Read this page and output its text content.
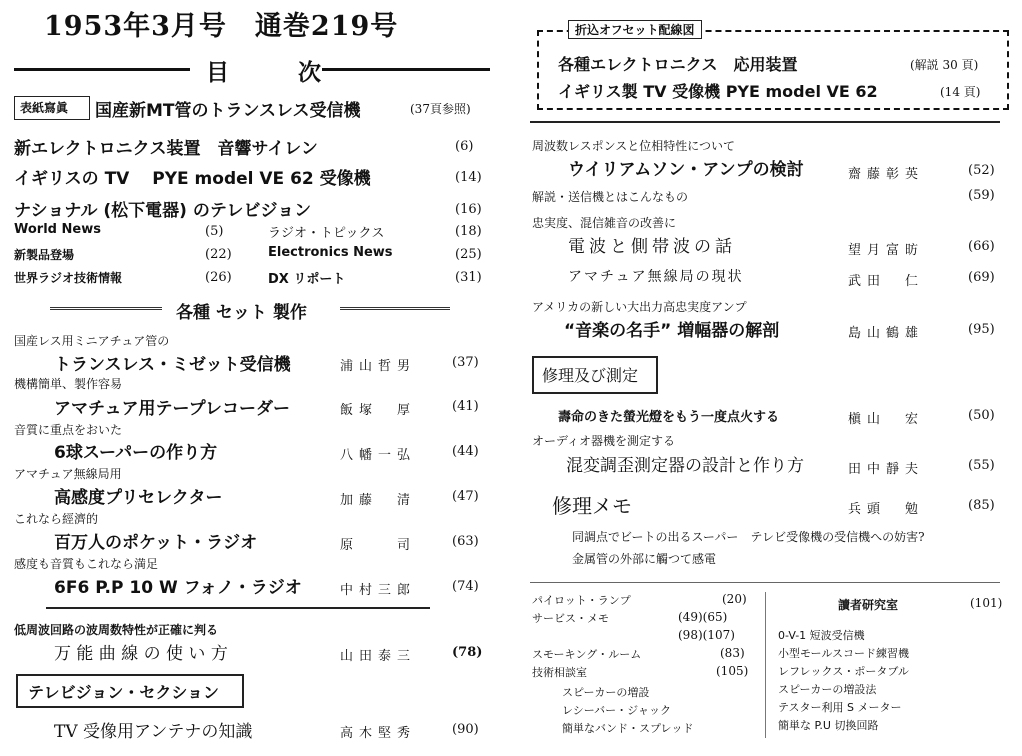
1953年3月号　通巻219号
目　　　次
表紙寫眞 国産新MT管のトランスレス受信機	(37頁参照)
新エレクトロニクス装置　音響サイレン	(6)
イギリスの TV　 PYE model VE 62 受像機	(14)
ナショナル (松下電器) のテレビジョン	(16)
World News	(5)	ラジオ・トピックス	(18)
新製品登場	(22)	Electronics News	(25)
世界ラジオ技術情報	(26)	DX リポート	(31)
各種 セット 製作
国産レス用ミニアチュア管の
トランスレス・ミゼット受信機	浦山哲男	(37)
機構簡単、製作容易
アマチュア用テープレコーダー	飯塚　厚	(41)
音質に重点をおいた
6球スーパーの作り方	八幡一弘	(44)
アマチュア無線局用
高感度プリセレクター	加藤　清	(47)
これなら經濟的
百万人のポケット・ラジオ	原　　司	(63)
感度も音質もこれなら満足
6F6 P.P 10 W フォノ・ラジオ	中村三郎	(74)
低周波回路の波周数特性が正確に判る
万 能 曲 線 の 使 い 方	山田泰三	(78)
テレビジョン・セクション
TV 受像用アンテナの知識	高木堅秀	(90)
折込オフセット配線図
各種エレクトロニクス　応用装置	(解説 30 頁)
イギリス製 TV 受像機 PYE model VE 62	(14 頁)
周波数レスポンスと位相特性について
ウイリアムソン・アンプの検討	齋藤彰英	(52)
解説・送信機とはこんなもの	(59)
忠実度、混信雑音の改善に
電波と側帯波の話	望月富昉	(66)
アマチュア無線局の現状	武田　仁	(69)
アメリカの新しい大出力高忠実度アンプ
“音楽の名手” 増幅器の解剖	島山鶴雄	(95)
修理及び測定
壽命のきた螢光燈をもう一度点火する	槇山　宏	(50)
オーディオ器機を測定する
混変調歪測定器の設計と作り方	田中靜夫	(55)
修理メモ	兵頭　勉	(85)
同調点でビートの出るスーパー　テレビ受像機の受信機への妨害?
金属管の外部に觸つて感電
パイロット・ランプ	(20)
サービス・メモ	(49)(65)
(98)(107)
スモーキング・ルーム	(83)
技術相談室	(105)
スピーカーの増設
レシーバー・ジャック
簡単なバンド・スプレッド
讀者研究室	(101)
0-V-1 短波受信機
小型モールスコード練習機
レフレックス・ポータブル
スピーカーの増設法
テスター利用 S メーター
簡単な P.U 切換回路
